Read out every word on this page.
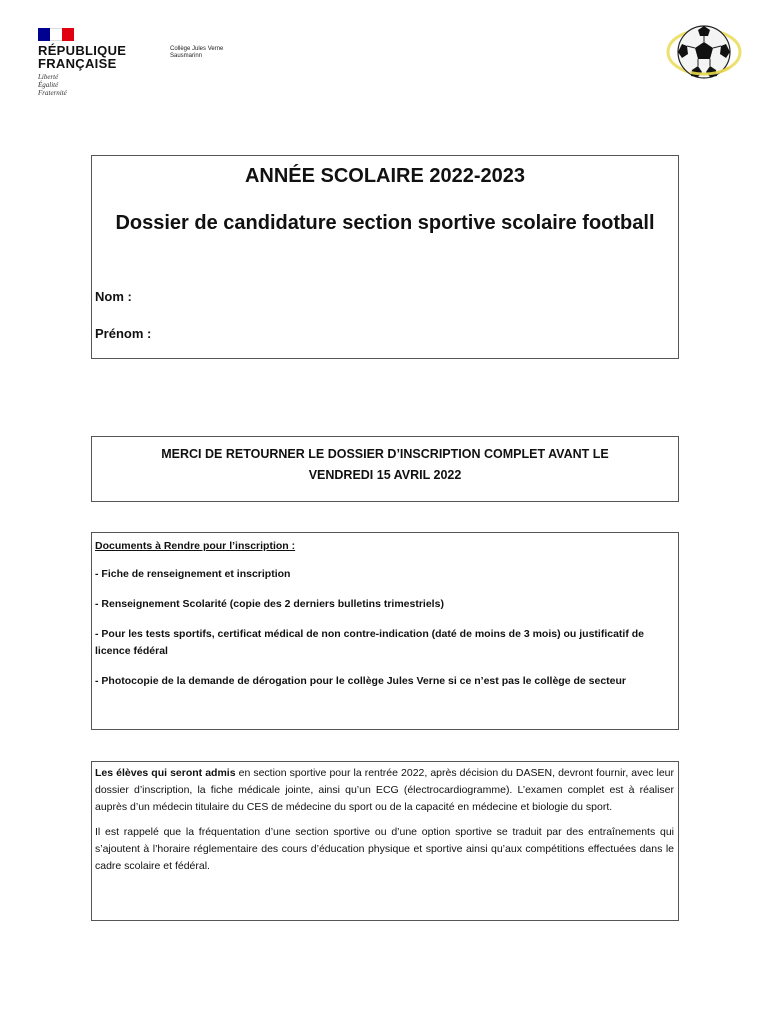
RÉPUBLIQUE
FRANÇAISE
Liberté
Égalité
Fraternité
Collège Jules Verne
Sausmarinn
ANNÉE SCOLAIRE 2022-2023
Dossier de candidature section sportive scolaire football
Nom :
Prénom :
MERCI DE RETOURNER LE DOSSIER D’INSCRIPTION COMPLET AVANT LE
VENDREDI 15 AVRIL 2022
Documents à Rendre pour l’inscription :
- Fiche de renseignement et inscription
- Renseignement Scolarité (copie des 2 derniers bulletins trimestriels)
- Pour les tests sportifs, certificat médical de non contre-indication (daté de moins de 3 mois) ou justificatif de licence fédéral
- Photocopie de la demande de dérogation pour le collège Jules Verne si ce n’est pas le collège de secteur

Les élèves qui seront admis en section sportive pour la rentrée 2022, après décision du DASEN, devront fournir, avec leur dossier d’inscription, la fiche médicale jointe, ainsi qu’un ECG (électrocardiogramme). L’examen complet est à réaliser auprès d’un médecin titulaire du CES de médecine du sport ou de la capacité en médecine et biologie du sport.

Il est rappelé que la fréquentation d’une section sportive ou d’une option sportive se traduit par des entraînements qui s’ajoutent à l’horaire réglementaire des cours d’éducation physique et sportive ainsi qu’aux compétitions effectuées dans le cadre scolaire et fédéral.
